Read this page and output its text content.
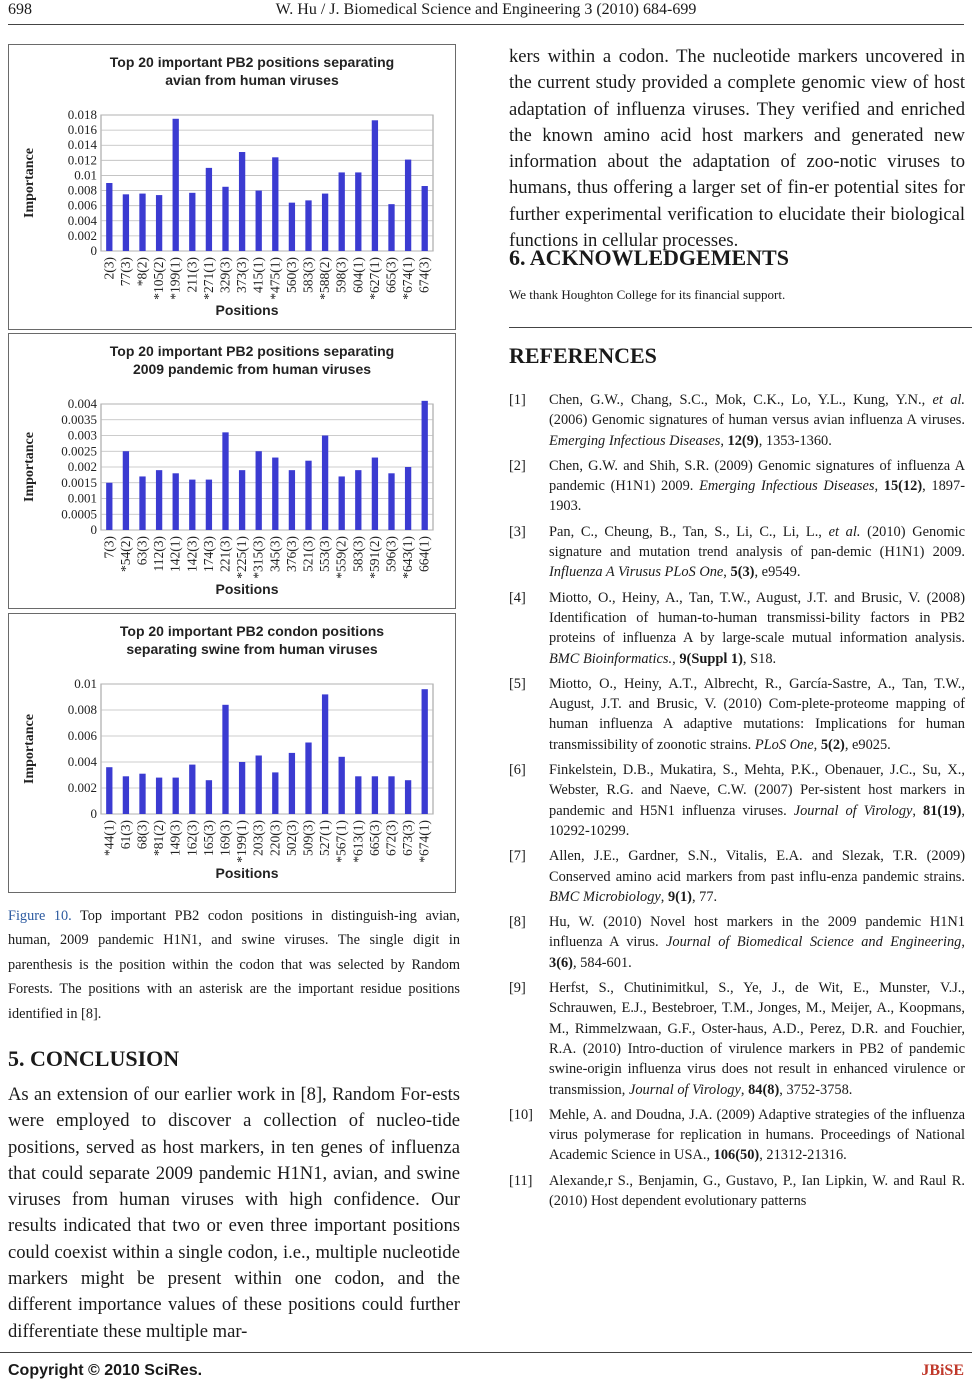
698	W. Hu / J. Biomedical Science and Engineering 3 (2010) 684-699
Top 20 important PB2 positions separating
avian from human viruses
0
0.002
0.004
0.006
0.008
0.01
0.012
0.014
0.016
0.018
Importance
2(3) 77(3) *8(2) *105(2) *199(1) 211(3) *271(1) 329(3) 373(3) 415(1) *475(1) 560(3) 583(3) *588(2) 598(3) 604(1) *627(1) 665(3) *674(1) 674(3)
Positions
Top 20 important PB2 positions separating
2009 pandemic from human viruses
0
0.0005
0.001
0.0015
0.002
0.0025
0.003
0.0035
0.004
Importance
7(3) *54(2) 63(3) 112(3) 142(1) 142(3) 174(3) 221(3) *225(1) *315(3) 345(3) 376(3) 521(3) 553(3) *559(2) 583(3) *591(2) 596(3) *643(1) 664(1)
Positions
Top 20 important PB2 condon positions
separating swine from human viruses
0
0.002
0.004
0.006
0.008
0.01
Importance
*44(1) 61(3) 68(3) *81(2) 149(3) 162(3) 165(3) 169(3) *199(1) 203(3) 220(3) 502(3) 509(3) 527(1) *567(1) *613(1) 665(3) 672(3) 673(3) *674(1)
Positions
Figure 10. Top important PB2 codon positions in distinguish-ing avian, human, 2009 pandemic H1N1, and swine viruses. The single digit in parenthesis is the position within the codon that was selected by Random Forests. The positions with an asterisk are the important residue positions identified in [8].
5. CONCLUSION
As an extension of our earlier work in [8], Random For-ests were employed to discover a collection of nucleo-tide positions, served as host markers, in ten genes of influenza that could separate 2009 pandemic H1N1, avian, and swine viruses from human viruses with high confidence. Our results indicated that two or even three important positions could coexist within a single codon, i.e., multiple nucleotide markers might be present within one codon, and the different importance values of these positions could further differentiate these multiple mar-
kers within a codon. The nucleotide markers uncovered in the current study provided a complete genomic view of host adaptation of influenza viruses. They verified and enriched the known amino acid host markers and generated new information about the adaptation of zoo-notic viruses to humans, thus offering a larger set of fin-er potential sites for further experimental verification to elucidate their biological functions in cellular processes.
6. ACKNOWLEDGEMENTS
We thank Houghton College for its financial support.
REFERENCES
[1] Chen, G.W., Chang, S.C., Mok, C.K., Lo, Y.L., Kung, Y.N., et al. (2006) Genomic signatures of human versus avian influenza A viruses. Emerging Infectious Diseases, 12(9), 1353-1360.
[2] Chen, G.W. and Shih, S.R. (2009) Genomic signatures of influenza A pandemic (H1N1) 2009. Emerging Infectious Diseases, 15(12), 1897-1903.
[3] Pan, C., Cheung, B., Tan, S., Li, C., Li, L., et al. (2010) Genomic signature and mutation trend analysis of pan-demic (H1N1) 2009. Influenza A Virusus PLoS One, 5(3), e9549.
[4] Miotto, O., Heiny, A., Tan, T.W., August, J.T. and Brusic, V. (2008) Identification of human-to-human transmissi-bility factors in PB2 proteins of influenza A by large-scale mutual information analysis. BMC Bioinformatics., 9(Suppl 1), S18.
[5] Miotto, O., Heiny, A.T., Albrecht, R., García-Sastre, A., Tan, T.W., August, J.T. and Brusic, V. (2010) Com-plete-proteome mapping of human influenza A adaptive mutations: Implications for human transmissibility of zoonotic strains. PLoS One, 5(2), e9025.
[6] Finkelstein, D.B., Mukatira, S., Mehta, P.K., Obenauer, J.C., Su, X., Webster, R.G. and Naeve, C.W. (2007) Per-sistent host markers in pandemic and H5N1 influenza viruses. Journal of Virology, 81(19), 10292-10299.
[7] Allen, J.E., Gardner, S.N., Vitalis, E.A. and Slezak, T.R. (2009) Conserved amino acid markers from past influ-enza pandemic strains. BMC Microbiology, 9(1), 77.
[8] Hu, W. (2010) Novel host markers in the 2009 pandemic H1N1 influenza A virus. Journal of Biomedical Science and Engineering, 3(6), 584-601.
[9] Herfst, S., Chutinimitkul, S., Ye, J., de Wit, E., Munster, V.J., Schrauwen, E.J., Bestebroer, T.M., Jonges, M., Meijer, A., Koopmans, M., Rimmelzwaan, G.F., Oster-haus, A.D., Perez, D.R. and Fouchier, R.A. (2010) Intro-duction of virulence markers in PB2 of pandemic swine-origin influenza virus does not result in enhanced virulence or transmission, Journal of Virology, 84(8), 3752-3758.
[10] Mehle, A. and Doudna, J.A. (2009) Adaptive strategies of the influenza virus polymerase for replication in humans. Proceedings of National Academic Science in USA., 106(50), 21312-21316.
[11] Alexande,r S., Benjamin, G., Gustavo, P., Ian Lipkin, W. and Raul R. (2010) Host dependent evolutionary patterns
Copyright © 2010 SciRes.	JBiSE
